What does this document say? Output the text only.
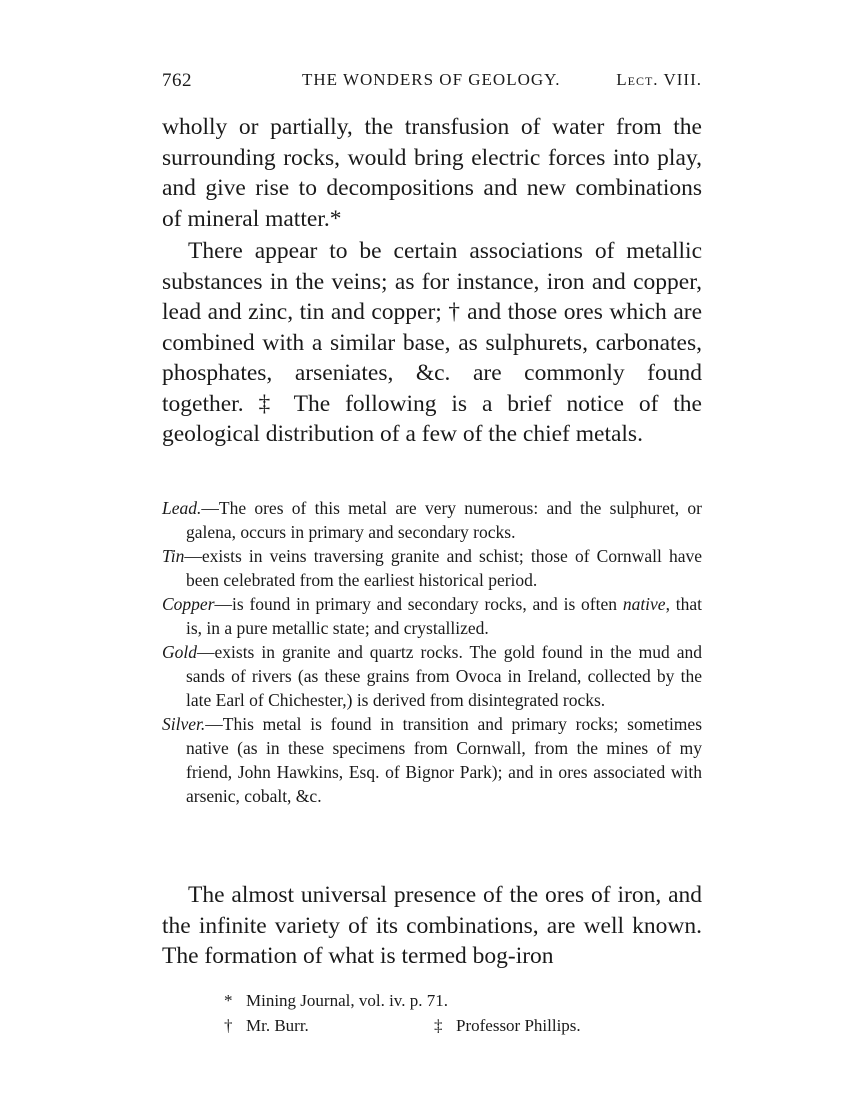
762	THE WONDERS OF GEOLOGY.	Lect. VIII.

wholly or partially, the transfusion of water from the surrounding rocks, would bring electric forces into play, and give rise to decompositions and new combinations of mineral matter.*

There appear to be certain associations of metallic substances in the veins; as for instance, iron and copper, lead and zinc, tin and copper; † and those ores which are combined with a similar base, as sulphurets, carbonates, phosphates, arseniates, &c. are commonly found together. ‡ The following is a brief notice of the geological distribution of a few of the chief metals.

Lead.—The ores of this metal are very numerous: and the sulphuret, or galena, occurs in primary and secondary rocks.

Tin—exists in veins traversing granite and schist; those of Cornwall have been celebrated from the earliest historical period.

Copper—is found in primary and secondary rocks, and is often native, that is, in a pure metallic state; and crystallized.

Gold—exists in granite and quartz rocks. The gold found in the mud and sands of rivers (as these grains from Ovoca in Ireland, collected by the late Earl of Chichester,) is derived from disintegrated rocks.

Silver.—This metal is found in transition and primary rocks; sometimes native (as in these specimens from Cornwall, from the mines of my friend, John Hawkins, Esq. of Bignor Park); and in ores associated with arsenic, cobalt, &c.

The almost universal presence of the ores of iron, and the infinite variety of its combinations, are well known. The formation of what is termed bog-iron

* Mining Journal, vol. iv. p. 71.

† Mr. Burr.	‡ Professor Phillips.
